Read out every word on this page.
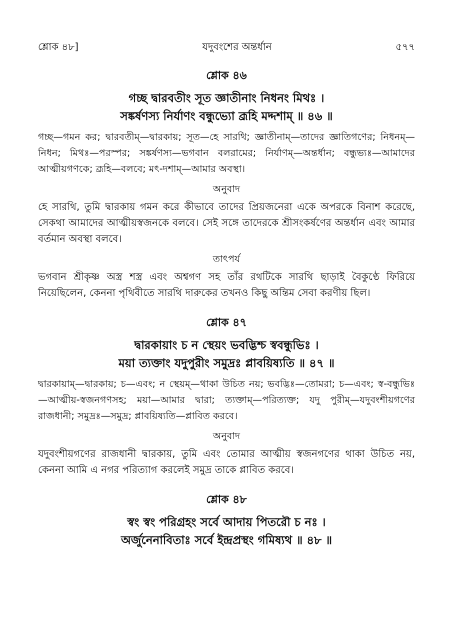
শ্লোক ৪৮]	যদুবংশের অন্তর্ধান	৫৭৭
শ্লোক ৪৬
গচ্ছ দ্বারবতীং সূত জ্ঞাতীনাং নিধনং মিথঃ ।
সঙ্কর্ষণস্য নির্যাণং বন্ধুভ্যো ব্রূহি মদ্দশাম্ ॥ ৪৬ ॥
গচ্ছ—গমন কর; দ্বারবতীম্—দ্বারকায়; সূত—হে সারথি; জ্ঞাতীনাম্—তাদের জ্ঞাতিগণের; নিধনম্—নিধন; মিথঃ—পরস্পর; সঙ্কর্ষণস্য—ভগবান বলরামের; নির্যাণম্—অন্তর্ধান; বন্ধুভ্যঃ—আমাদের আত্মীয়গণকে; ব্রূহি—বলবে; মৎ-দশাম্—আমার অবস্থা।
অনুবাদ
হে সারথি, তুমি দ্বারকায় গমন করে কীভাবে তাদের প্রিয়জনেরা একে অপরকে বিনাশ করেছে, সেকথা আমাদের আত্মীয়স্বজনকে বলবে। সেই সঙ্গে তাদেরকে শ্রীসংকর্ষণের অন্তর্ধান এবং আমার বর্তমান অবস্থা বলবে।
তাৎপর্য
ভগবান শ্রীকৃষ্ণ অস্ত্র শস্ত্র এবং অশ্বগণ সহ তাঁর রথটিকে সারথি ছাড়াই বৈকুণ্ঠে ফিরিয়ে নিয়েছিলেন, কেননা পৃথিবীতে সারথি দারুকের তখনও কিছু অন্তিম সেবা করণীয় ছিল।
শ্লোক ৪৭
দ্বারকায়াং চ ন স্থেয়ং ভবদ্ভিশ্চ স্ববন্ধুভিঃ ।
ময়া ত্যক্তাং যদুপুরীং সমুদ্রঃ প্লাবয়িষ্যতি ॥ ৪৭ ॥
দ্বারকায়াম্—দ্বারকায়; চ—এবং; ন স্থেয়ম্—থাকা উচিত নয়; ভবদ্ভিঃ—তোমরা; চ—এবং; স্ব-বন্ধুভিঃ—আত্মীয়-স্বজনগণসহ; ময়া—আমার দ্বারা; ত্যক্তাম্—পরিত্যক্ত; যদু পুরীম্—যদুবংশীয়গণের রাজধানী; সমুদ্রঃ—সমুদ্র; প্লাবয়িষ্যতি—প্লাবিত করবে।
অনুবাদ
যদুবংশীয়গণের রাজধানী দ্বারকায়, তুমি এবং তোমার আত্মীয় স্বজনগণের থাকা উচিত নয়, কেননা আমি এ নগর পরিত্যাগ করলেই সমুদ্র তাকে প্লাবিত করবে।
শ্লোক ৪৮
স্বং স্বং পরিগ্রহং সর্বে আদায় পিতরৌ চ নঃ ।
অর্জুনেনাবিতাঃ সর্বে ইন্দ্রপ্রস্থং গমিষ্যথ ॥ ৪৮ ॥
